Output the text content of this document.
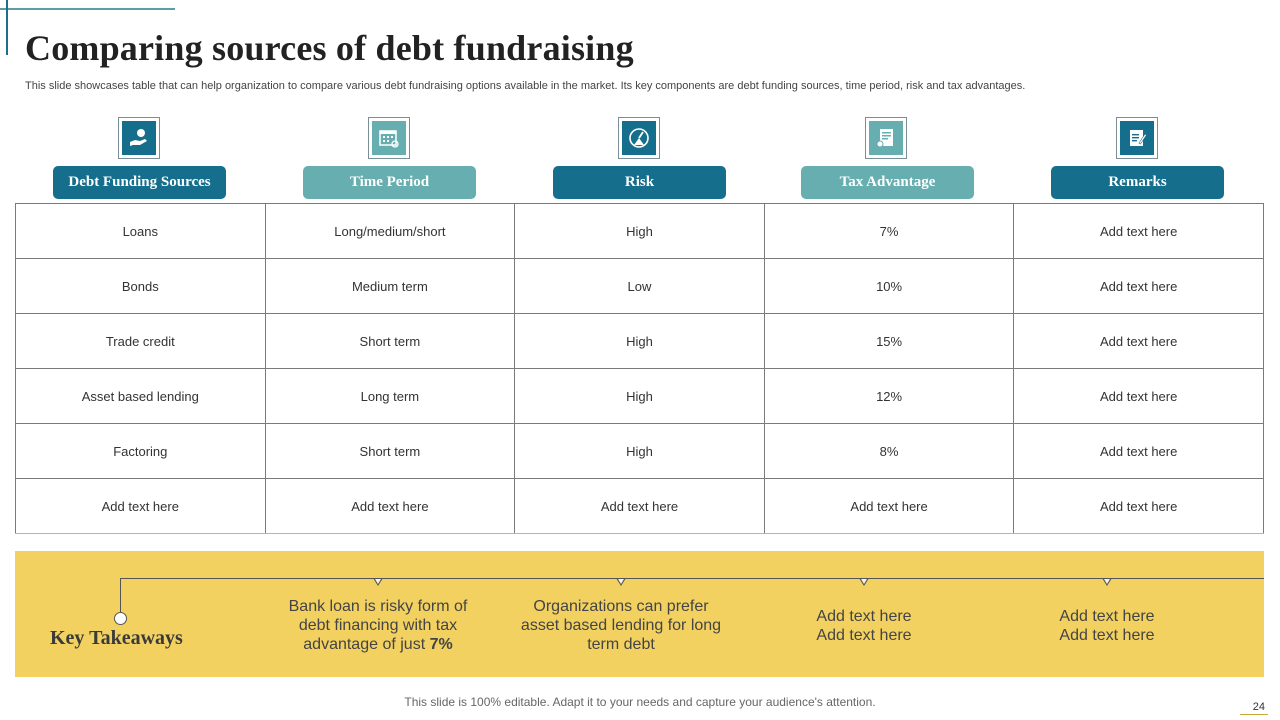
Comparing sources of debt fundraising

This slide showcases table that can help organization to compare various debt fundraising options available in the market. Its key components are debt funding sources, time period, risk and tax advantages.

Debt Funding Sources	Time Period	Risk	Tax Advantage	Remarks
Loans	Long/medium/short	High	7%	Add text here
Bonds	Medium term	Low	10%	Add text here
Trade credit	Short term	High	15%	Add text here
Asset based lending	Long term	High	12%	Add text here
Factoring	Short term	High	8%	Add text here
Add text here	Add text here	Add text here	Add text here	Add text here
Key Takeaways
Bank loan is risky form of debt financing with tax advantage of just 7%
Organizations can prefer asset based lending for long term debt
Add text here
Add text here
Add text here
Add text here
This slide is 100% editable. Adapt it to your needs and capture your audience's attention.	24
